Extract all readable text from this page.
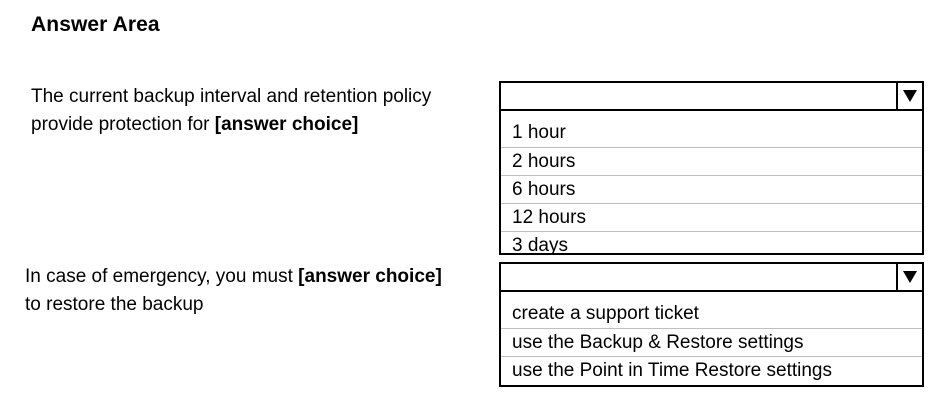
Answer Area
The current backup interval and retention policy
provide protection for [answer choice]	1 hour
2 hours
6 hours
12 hours
3 days
In case of emergency, you must [answer choice]
to restore the backup	create a support ticket
use the Backup & Restore settings
use the Point in Time Restore settings
